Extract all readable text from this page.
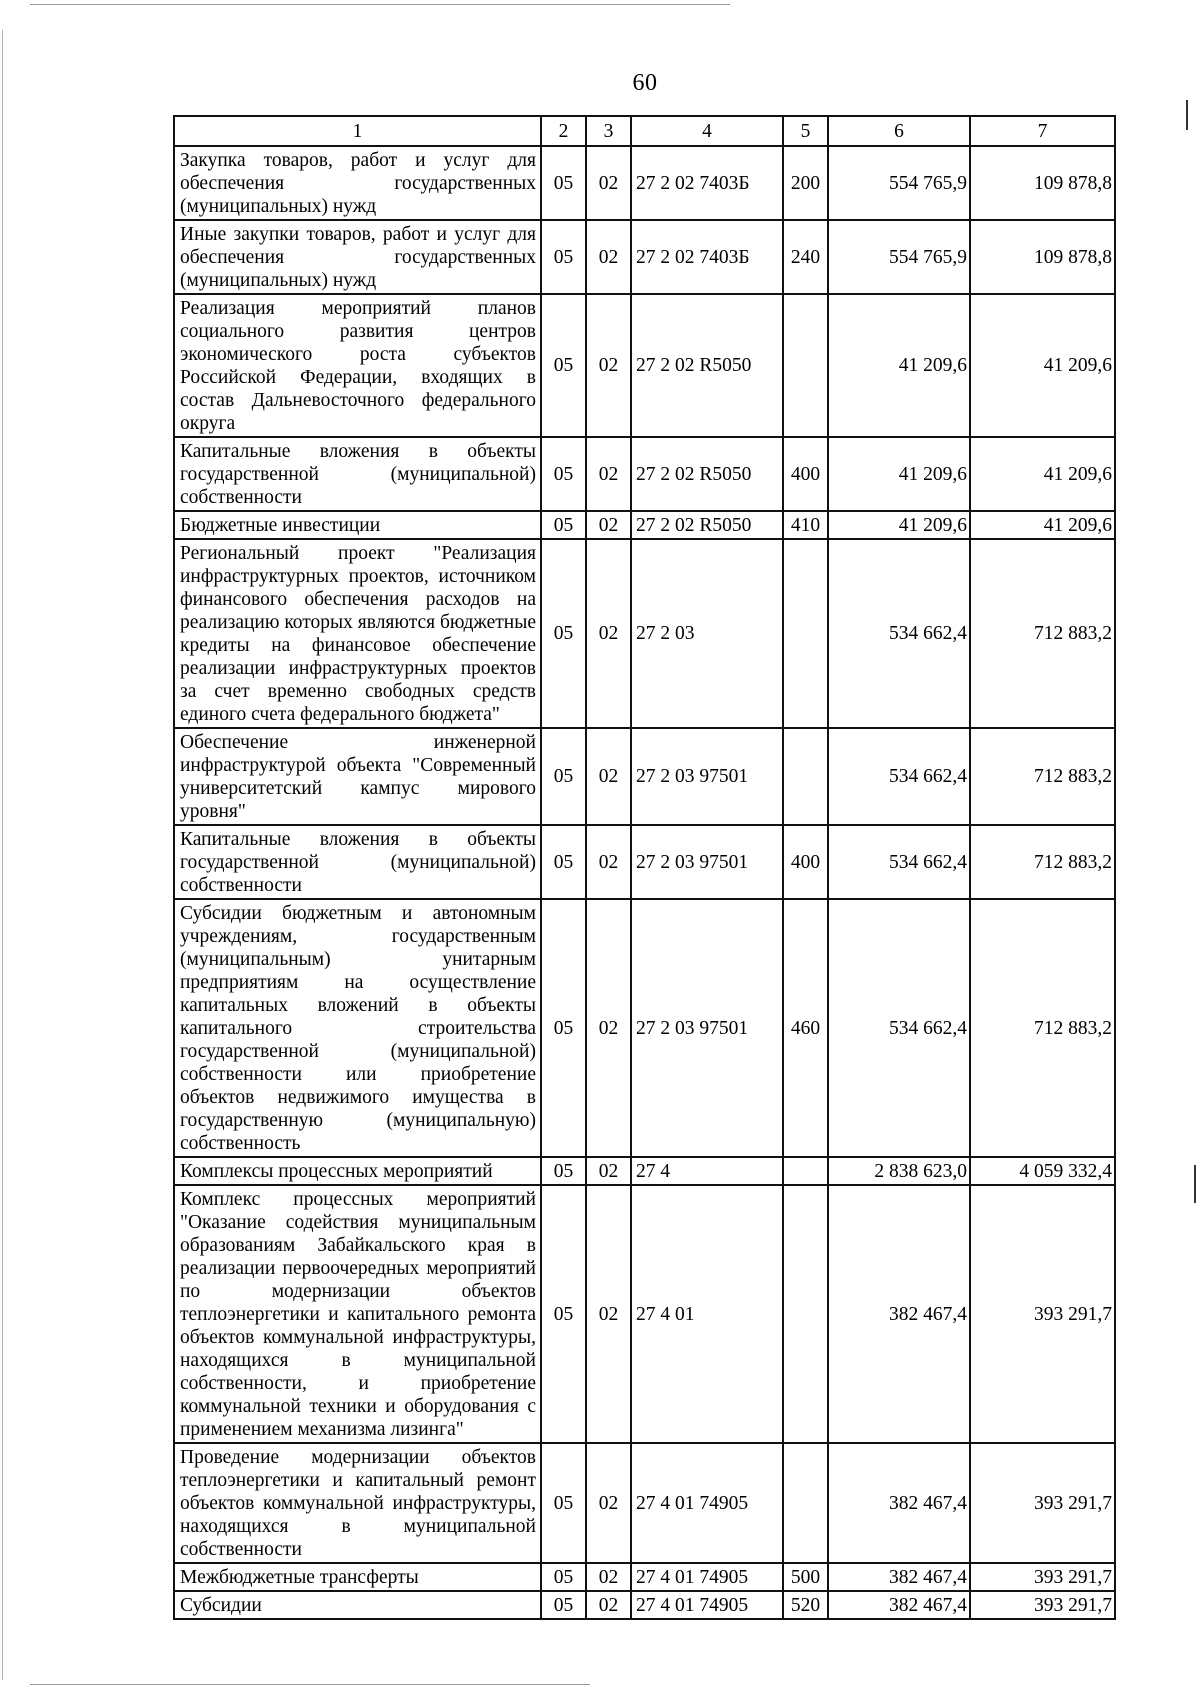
60
1	2	3	4	5	6	7
Закупка товаров, работ и услуг для обеспечения государственных (муниципальных) нужд	05	02	27 2 02 7403Б	200	554 765,9	109 878,8
Иные закупки товаров, работ и услуг для обеспечения государственных (муниципальных) нужд	05	02	27 2 02 7403Б	240	554 765,9	109 878,8
Реализация мероприятий планов социального развития центров экономического роста субъектов Российской Федерации, входящих в состав Дальневосточного федерального округа	05	02	27 2 02 R5050		41 209,6	41 209,6
Капитальные вложения в объекты государственной (муниципальной) собственности	05	02	27 2 02 R5050	400	41 209,6	41 209,6
Бюджетные инвестиции	05	02	27 2 02 R5050	410	41 209,6	41 209,6
Региональный проект "Реализация инфраструктурных проектов, источником финансового обеспечения расходов на реализацию которых являются бюджетные кредиты на финансовое обеспечение реализации инфраструктурных проектов за счет временно свободных средств единого счета федерального бюджета"	05	02	27 2 03		534 662,4	712 883,2
Обеспечение инженерной инфраструктурой объекта "Современный университетский кампус мирового уровня"	05	02	27 2 03 97501		534 662,4	712 883,2
Капитальные вложения в объекты государственной (муниципальной) собственности	05	02	27 2 03 97501	400	534 662,4	712 883,2
Субсидии бюджетным и автономным учреждениям, государственным (муниципальным) унитарным предприятиям на осуществление капитальных вложений в объекты капитального строительства государственной (муниципальной) собственности или приобретение объектов недвижимого имущества в государственную (муниципальную) собственность	05	02	27 2 03 97501	460	534 662,4	712 883,2
Комплексы процессных мероприятий	05	02	27 4		2 838 623,0	4 059 332,4
Комплекс процессных мероприятий "Оказание содействия муниципальным образованиям Забайкальского края в реализации первоочередных мероприятий по модернизации объектов теплоэнергетики и капитального ремонта объектов коммунальной инфраструктуры, находящихся в муниципальной собственности, и приобретение коммунальной техники и оборудования с применением механизма лизинга"	05	02	27 4 01		382 467,4	393 291,7
Проведение модернизации объектов теплоэнергетики и капитальный ремонт объектов коммунальной инфраструктуры, находящихся в муниципальной собственности	05	02	27 4 01 74905		382 467,4	393 291,7
Межбюджетные трансферты	05	02	27 4 01 74905	500	382 467,4	393 291,7
Субсидии	05	02	27 4 01 74905	520	382 467,4	393 291,7
